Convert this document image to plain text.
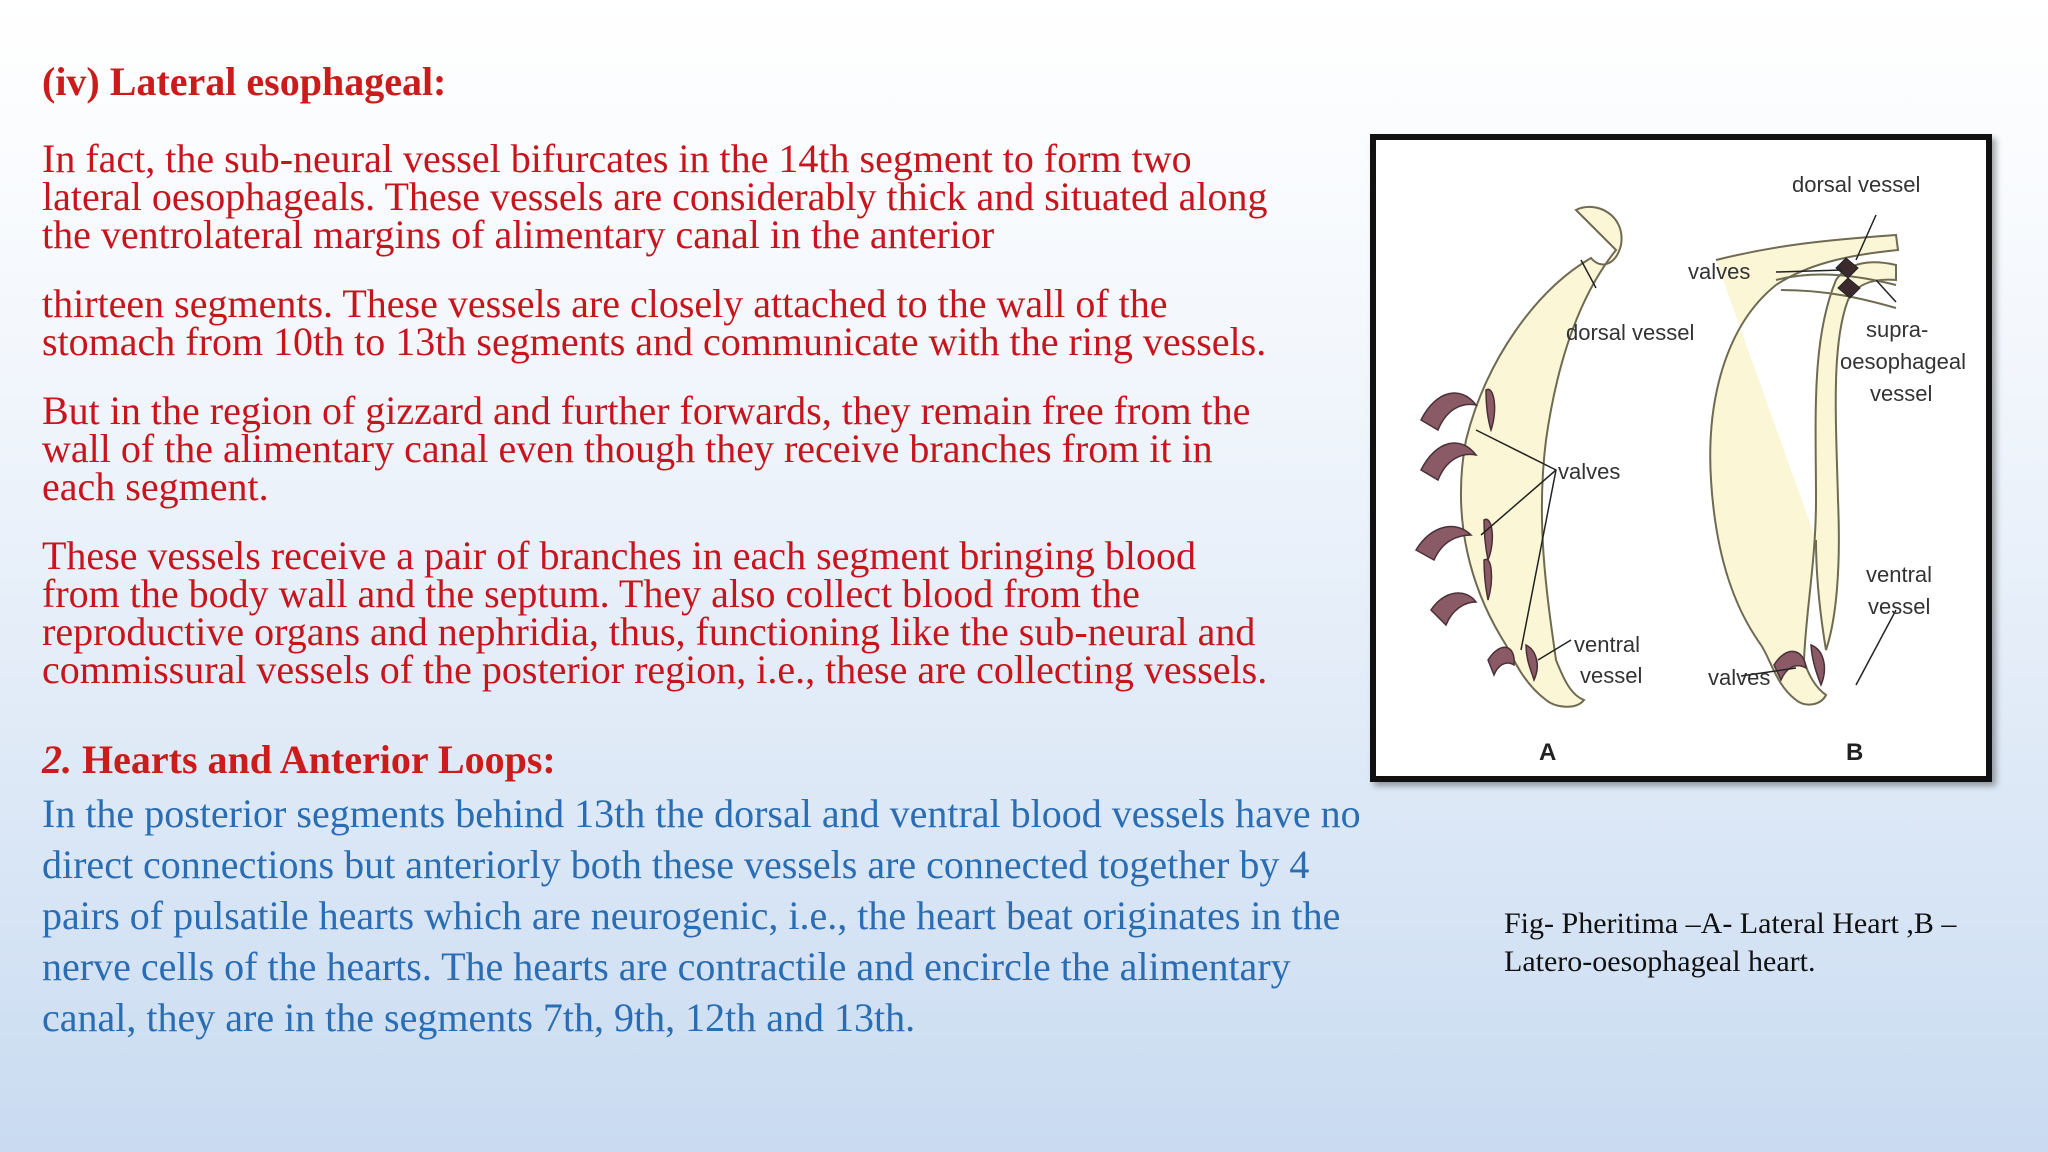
(iv) Lateral esophageal:

In fact, the sub-neural vessel bifurcates in the 14th segment to form two
lateral oesophageals. These vessels are considerably thick and situated along
the ventrolateral margins of alimentary canal in the anterior

thirteen segments. These vessels are closely attached to the wall of the
stomach from 10th to 13th segments and communicate with the ring vessels.

But in the region of gizzard and further forwards, they remain free from the
wall of the alimentary canal even though they receive branches from it in
each segment.

These vessels receive a pair of branches in each segment bringing blood
from the body wall and the septum. They also collect blood from the
reproductive organs and nephridia, thus, functioning like the sub-neural and
commissural vessels of the posterior region, i.e., these are collecting vessels.

2. Hearts and Anterior Loops:

In the posterior segments behind 13th the dorsal and ventral blood vessels have no direct connections but anteriorly both these vessels are connected together by 4 pairs of pulsatile hearts which are neurogenic, i.e., the heart beat originates in the nerve cells of the hearts. The hearts are contractile and encircle the alimentary canal, they are in the segments 7th, 9th, 12th and 13th.

dorsal vessel
valves
ventral
vessel
A
dorsal vessel
valves
supra-
oesophageal
vessel
ventral
vessel
valves
B

Fig- Pheritima –A- Lateral Heart ,B –
Latero-oesophageal heart.
